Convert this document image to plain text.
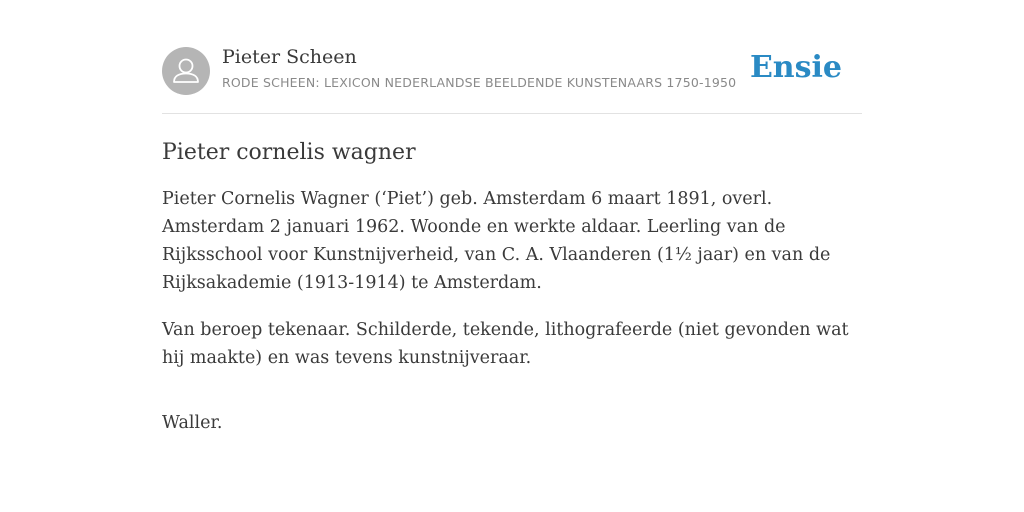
Pieter Scheen
RODE SCHEEN: LEXICON NEDERLANDSE BEELDENDE KUNSTENAARS 1750-1950 Ensie
Pieter cornelis wagner

Pieter Cornelis Wagner (‘Piet’) geb. Amsterdam 6 maart 1891, overl. Amsterdam 2 januari 1962. Woonde en werkte aldaar. Leerling van de Rijksschool voor Kunstnijverheid, van C. A. Vlaanderen (1½ jaar) en van de Rijksakademie (1913-1914) te Amsterdam.

Van beroep tekenaar. Schilderde, tekende, lithografeerde (niet gevonden wat hij maakte) en was tevens kunstnijveraar.

Waller.
